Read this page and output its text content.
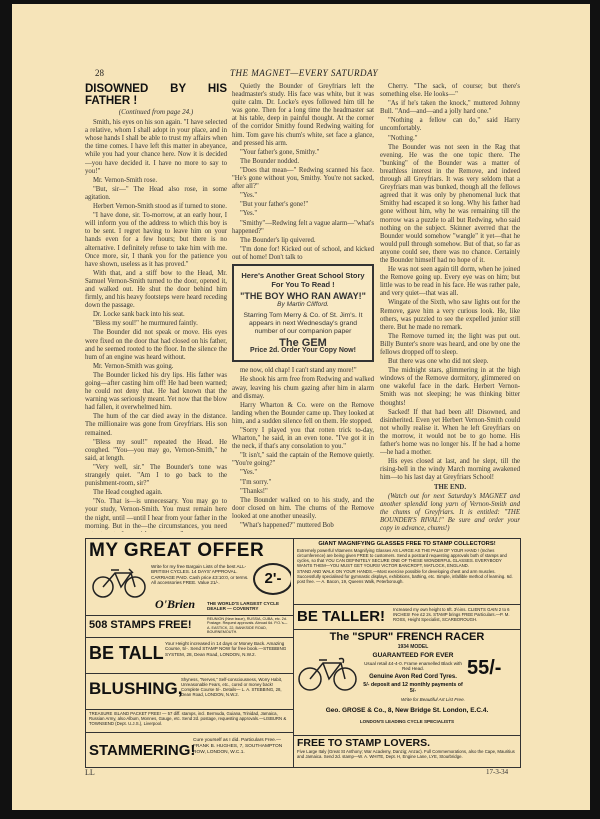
28	THE MAGNET—EVERY SATURDAY
DISOWNED BY HIS FATHER !
(Continued from page 24.)

Smith, his eyes on his son again. "I have selected a relative, whom I shall adopt in your place, and in whose hands I shall be able to trust my affairs when the time comes. I have left this matter in abeyance, while you had your chance here. Now it is decided—you have decided it. I have no more to say to you!"

Mr. Vernon-Smith rose.

"But, sir—" The Head also rose, in some agitation.

Herbert Vernon-Smith stood as if turned to stone.

"I have done, sir. To-morrow, at an early hour, I will inform you of the address to which this boy is to be sent. I regret having to leave him on your hands even for a few hours; but there is no alternative. I definitely refuse to take him with me. Once more, sir, I thank you for the patience you have shown, useless as it has proved."

With that, and a stiff bow to the Head, Mr. Samuel Vernon-Smith turned to the door, opened it, and walked out. He shut the door behind him firmly, and his heavy footsteps were heard receding down the passage.

Dr. Locke sank back into his seat.

"Bless my soul!" he murmured faintly.

The Bounder did not speak or move. His eyes were fixed on the door that had closed on his father, and he seemed rooted to the floor. In the silence the hum of an engine was heard without.

Mr. Vernon-Smith was going.

The Bounder licked his dry lips. His father was going—after casting him off! He had been warned; he could not deny that. He had known that the warning was seriously meant. Yet now that the blow had fallen, it overwhelmed him.

The hum of the car died away in the distance. The millionaire was gone from Greyfriars. His son remained.

"Bless my soul!" repeated the Head. He coughed. "You—you may go, Vernon-Smith," he said, at length.

"Very well, sir." The Bounder's tone was strangely quiet. "Am I to go back to the punishment-room, sir?"

The Head coughed again.

"No. That is—is unnecessary. You may go to your study, Vernon-Smith. You must remain here the night, until —until I hear from your father in the morning. But in the—the circumstances, you need

Quietly the Bounder of Greyfriars left the headmaster's study. His face was white, but it was quite calm. Dr. Locke's eyes followed him till he was gone. Then for a long time the headmaster sat at his table, deep in painful thought. At the corner of the corridor Smithy found Redwing waiting for him. Tom gave his chum's white, set face a glance, and pressed his arm.

"Your father's gone, Smithy."

The Bounder nodded.

"Does that mean—" Redwing scanned his face. "He's gone without you, Smithy. You're not sacked, after all?"

"Yes."

"But your father's gone!"

"Yes."

"Smithy"—Redwing felt a vague alarm—"what's happened?"

The Bounder's lip quivered.

"I'm done for! Kicked out of school, and kicked out of home! Don't talk to

Here's Another Great School Story For You To Read !
"THE BOY WHO RAN AWAY!"
By Martin Clifford.
Starring Tom Merry & Co. of St. Jim's. It appears in next Wednesday's grand number of our companion paper
The GEM
Price 2d. Order Your Copy Now!

me now, old chap! I can't stand any more!"

He shook his arm free from Redwing and walked away, leaving his chum gazing after him in alarm and dismay.

Harry Wharton & Co. were on the Remove landing when the Bounder came up. They looked at him, and a sudden silence fell on them. He stopped.

"Sorry I played you that rotten trick to-day, Wharton," he said, in an even tone. "I've got it in the neck, if that's any consolation to you."

"It isn't," said the captain of the Remove quietly. "You're going?"

"Yes."

"I'm sorry."

"Thanks!"

The Bounder walked on to his study, and the door closed on him. The chums of the Remove looked at one another uneasily.

"What's happened?" muttered Bob

Cherry. "The sack, of course; but there's something else. He looks—"

"As if he's taken the knock," muttered Johnny Bull. "And—and—and a jolly hard one."

"Nothing a fellow can do," said Harry uncomfortably.

"Nothing."

The Bounder was not seen in the Rag that evening. He was the one topic there. The "bunking" of the Bounder was a matter of breathless interest in the Remove, and indeed through all Greyfriars. It was very seldom that a Greyfriars man was bunked, though all the fellows agreed that it was only by phenomenal luck that Smithy had escaped it so long. Why his father had gone without him, why he was remaining till the morrow was a puzzle to all but Redwing, who said nothing on the subject. Skinner averred that the Bounder would somehow "wangle" it yet—that he would pull through somehow. But of that, so far as anyone could see, there was no chance. Certainly the Bounder himself had no hope of it.

He was not seen again till dorm, when he joined the Remove going up. Every eye was on him; but little was to be read in his face. He was rather pale, and very quiet—that was all.

Wingate of the Sixth, who saw lights out for the Remove, gave him a very curious look. He, like others, was puzzled to see the expelled junior still there. But he made no remark.

The Remove turned in; the light was put out. Billy Bunter's snore was heard, and one by one the fellows dropped off to sleep.

But there was one who did not sleep.

The midnight stars, glimmering in at the high windows of the Remove dormitory, glimmered on one wakeful face in the dark. Herbert Vernon-Smith was not sleeping; he was thinking bitter thoughts!

Sacked! If that had been all! Disowned, and disinherited. Even yet Herbert Vernon-Smith could not wholly realise it. When he left Greyfriars on the morrow, it would not be to go home. His father's home was no longer his. If he had a home—he had a mother.

His eyes closed at last, and he slept, till the rising-bell in the windy March morning awakened him—to his last day at Greyfriars School!

THE END.

(Watch out for next Saturday's MAGNET and another splendid long yarn of Vernon-Smith and the chums of Greyfriars. It is entitled: "THE BOUNDER'S RIVAL!" Be sure and order your copy in advance, chums!)

MY GREAT OFFER
Write for my free Bargain Lists of the best ALL-BRITISH CYCLES. 14 DAYS' APPROVAL. CARRIAGE PAID. Cash price £3:10:0, or terms. All accessories FREE. Value 21/-.	2'-
O'Brien	THE WORLD'S LARGEST CYCLE DEALER — COVENTRY
508 STAMPS FREE!	REUNION (New Issue), RUSSIA, CUBA, etc. 2d. Postage. Request approvals. Abroad 6d. P.O.'s— A. EASTICK, 22, BANKSIDE ROAD, BOURNEMOUTH.
BE TALL Your Height increased in 14 days or Money Back. Amazing Course, 5/-. Send STAMP NOW for free book.—STEBBING SYSTEM, 28, Dean Road, LONDON, N.W.2.
BLUSHING,
Shyness, "Nerves," Self-consciousness, Worry Habit, Unreasonable Fears, etc., cured or money back! Complete Course 5/-. Details— L. A. STEBBING, 28, Dean Road, LONDON, N.W.2.
TREASURE ISLAND PACKET FREE! — 57 diff. stamps, incl. Bermuda, Guiana, Trinidad, Jamaica, Russian Army, also Album, Monnes, Gauge, etc. Send 2d. postage, requesting approvals.—LISBURN & TOWNSEND (Dept. U.J.S.), Liverpool.
STAMMERING!
Cure yourself as I did. Particulars Free.—FRANK B. HUGHES, 7, SOUTHAMPTON ROW, LONDON, W.C.1.
GIANT MAGNIFYING GLASSES FREE TO STAMP COLLECTORS!
Extremely powerful Vitamens Magnifying Glasses AS LARGE AS THE PALM OF YOUR HAND ! (Inches circumference) are being given FREE to customers. Send a postcard requesting approvals both of stamps and cycles, so that YOU CAN DEFINITELY SECURE ONE OF THESE WONDERFUL GLASSES. EVERYBODY WANTS THEM—YOU MUST GET YOURS! VICTOR BANCROFT, MATLOCK, ENGLAND.
STAND AND WALK ON YOUR HANDS.—Most exercise possible for developing chest and arm muscles. Successfully specialised for gymnastic displays, exhibitions, bathing, etc. Simple, infallible method of learning. 6d. post free. — A. Bacon, 19, Queens Walk, Peterborough.
BE TALLER! Increased my own height to 6ft. 3½ins. CLIENTS GAIN 2 to 6 INCHES! Fee £2 2s. STAMP brings FREE Particulars.—P. M. ROSS, Height Specialist, SCARBOROUGH.
The "SPUR" FRENCH RACER
1934 MODEL
GUARANTEED FOR EVER
Usual retail £4-4-0. Frame enamelled Black with Red Head.
Genuine Avon Red Cord Tyres.
5/- deposit and 12 monthly payments of 5/-
55/-
Write for Beautiful Art List Free.
Geo. GROSE & Co., 8, New Bridge St. London, E.C.4.
LONDON'S LEADING CYCLE SPECIALISTS
FREE TO STAMP LOVERS.
Five Large Italy (Great St Anthony; War Academy, Danzig; Anzac). Full Commemorations, also the Cape, Mauritius and Jamaica. Send 2d. stamp—W. A. WHITE, Dept. H, Engine Lane, LYE, Stourbridge.
LL	17-3-34
